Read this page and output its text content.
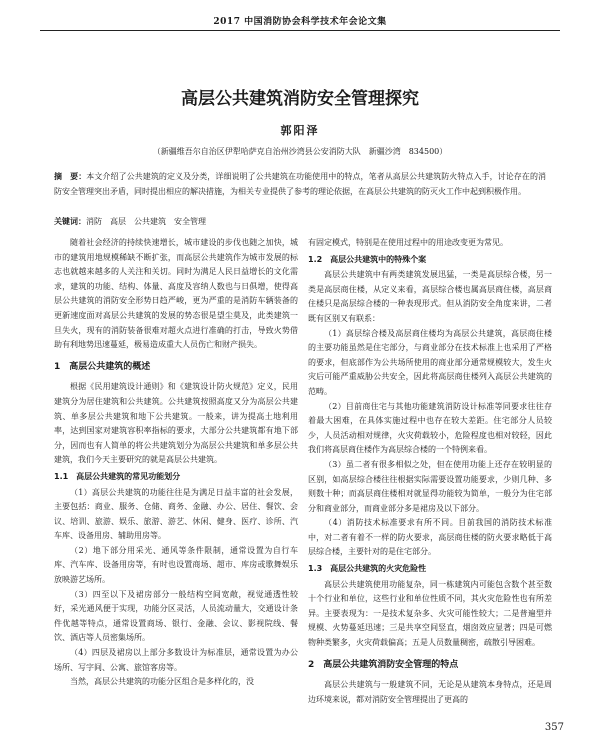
2017 中国消防协会科学技术年会论文集
高层公共建筑消防安全管理探究
郭阳泽
（新疆维吾尔自治区伊犁哈萨克自治州沙湾县公安消防大队　新疆沙湾　834500）
摘　要：本文介绍了公共建筑的定义及分类，详细说明了公共建筑在功能使用中的特点，笔者从高层公共建筑防火特点入手，讨论存在的消防安全管理突出矛盾，同时提出相应的解决措施，为相关专业提供了参考的理论依据，在高层公共建筑的防灭火工作中起到积极作用。
关键词：消防　高层　公共建筑　安全管理

随着社会经济的持续快速增长，城市建设的步伐也随之加快，城市的建筑用地规模稀缺不断扩张，而高层公共建筑作为城市发展的标志也就越来越多的人关注和关切。同时为满足人民日益增长的文化需求，建筑的功能、结构、体量、高度及容纳人数也与日俱增，使得高层公共建筑的消防安全形势日趋严峻，更为严重的是消防车辆装备的更新速度面对高层公共建筑的发展的势态很是望尘莫及，此类建筑一旦失火，现有的消防装备很难对超火点进行准确的打击，导致火势借助有利地势迅速蔓延，极易造成重大人员伤亡和财产损失。

1　高层公共建筑的概述

根据《民用建筑设计通则》和《建筑设计防火规范》定义，民用建筑分为居住建筑和公共建筑。公共建筑按照高度又分为高层公共建筑、单多层公共建筑和地下公共建筑。一般来，讲为提高土地利用率，达到国家对建筑容积率指标的要求，大部分公共建筑都有地下部分，因而也有人简单的将公共建筑划分为高层公共建筑和单多层公共建筑，我们今天主要研究的就是高层公共建筑。

1.1　高层公共建筑的常见功能划分

（1）高层公共建筑的功能往往是为满足日益丰富的社会发展，主要包括：商业、服务、仓储、商务、金融、办公、居住、餐饮、会议、培训、旅游、娱乐、旅游、游艺、休闲、健身、医疗、诊所、汽车库、设备用房、辅助用房等。

（2）地下部分用采光、通风等条件限制，通常设置为自行车库、汽车库、设备用房等，有时也设置商场、超市、库房或歌舞娱乐放映游艺场所。

（3）四至以下及裙房部分一般结构空间宽敞，视觉通透性较好，采光通风便于实现，功能分区灵活，人员流动量大，交通设计条件优越等特点，通常设置商场、银行、金融、会议、影视院线、餐饮、酒店等人员密集场所。

（4）四层及裙房以上部分多数设计为标准层，通常设置为办公场所、写字间、公寓、旅馆客房等。

当然，高层公共建筑的功能分区组合是多样化的，没

有固定模式，特别是在使用过程中的用途改变更为常见。

1.2　高层公共建筑中的特殊个案

高层公共建筑中有两类建筑发展迅猛，一类是高层综合楼，另一类是高层商住楼，从定义来看，高层综合楼也属高层商住楼，高层商住楼只是高层综合楼的一种表现形式。但从消防安全角度来讲，二者既有区别又有联系：

（1）高层综合楼及高层商住楼均为高层公共建筑，高层商住楼的主要功能虽然是住宅部分，与商业部分在技术标准上也采用了严格的要求，但底部作为公共场所使用的商业部分通常规模较大，发生火灾后可能严重威胁公共安全，因此将高层商住楼列入高层公共建筑的范畴。

（2）目前商住宅与其他功能建筑消防设计标准等同要求往往存着最大困难，在具体实施过程中也存在较大差距。住宅部分人员较少，人员活动相对规律，火灾荷载较小，危险程度也相对较轻，因此我们将高层商住楼作为高层综合楼的一个特例来看。

（3）虽二者有很多相似之处，但在使用功能上还存在较明显的区别，如高层综合楼往往根据实际需要设置功能要求，少则几种、多则数十种；而高层商住楼相对就显得功能较为简单，一般分为住宅部分和商业部分，而商业部分多是裙房及以下部分。

（4）消防技术标准要求有所不同。目前我国的消防技术标准中，对二者有着不一样的防火要求，高层商住楼的防火要求略低于高层综合楼，主要针对的是住宅部分。

1.3　高层公共建筑的火灾危险性

高层公共建筑使用功能复杂，同一栋建筑内可能包含数个甚至数十个行业和单位，这些行业和单位性质不同，其火灾危险性也有所差异。主要表现为：一是技术复杂多、火灾可能性较大；二是普遍型并规模、火势蔓延迅速；三是共享空间竖直，烟囱效应显著；四是可燃物种类繁多，火灾荷载偏高；五是人员数量稠密，疏散引导困难。

2　高层公共建筑消防安全管理的特点

高层公共建筑与一般建筑不同，无论是从建筑本身特点，还是周边环境来说，都对消防安全管理提出了更高的

357
